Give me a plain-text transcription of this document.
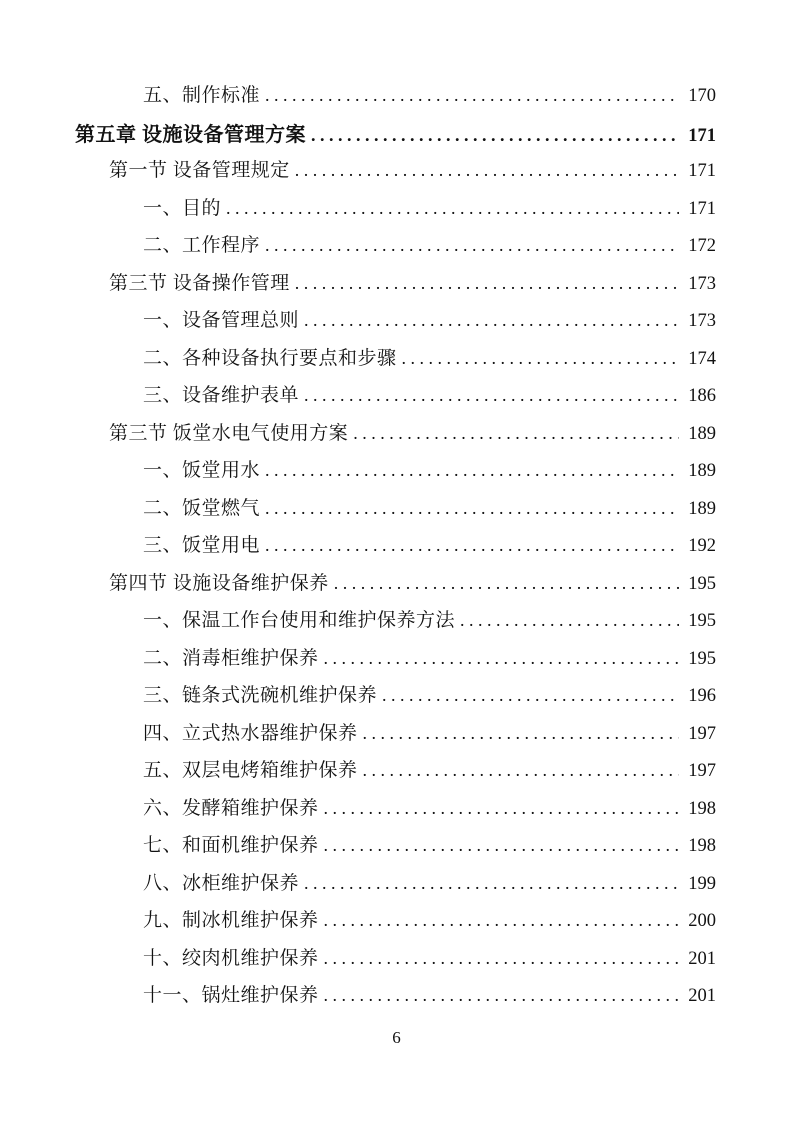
五、制作标准 .....	170
第五章 设施设备管理方案 .....	171
第一节 设备管理规定 .....	171
一、目的 .....	171
二、工作程序 .....	172
第三节 设备操作管理 .....	173
一、设备管理总则 .....	173
二、各种设备执行要点和步骤 .....	174
三、设备维护表单 .....	186
第三节 饭堂水电气使用方案 .....	189
一、饭堂用水 .....	189
二、饭堂燃气 .....	189
三、饭堂用电 .....	192
第四节 设施设备维护保养 .....	195
一、保温工作台使用和维护保养方法 .....	195
二、消毒柜维护保养 .....	195
三、链条式洗碗机维护保养 .....	196
四、立式热水器维护保养 .....	197
五、双层电烤箱维护保养 .....	197
六、发酵箱维护保养 .....	198
七、和面机维护保养 .....	198
八、冰柜维护保养 .....	199
九、制冰机维护保养 .....	200
十、绞肉机维护保养 .....	201
十一、锅灶维护保养 .....	201
6
